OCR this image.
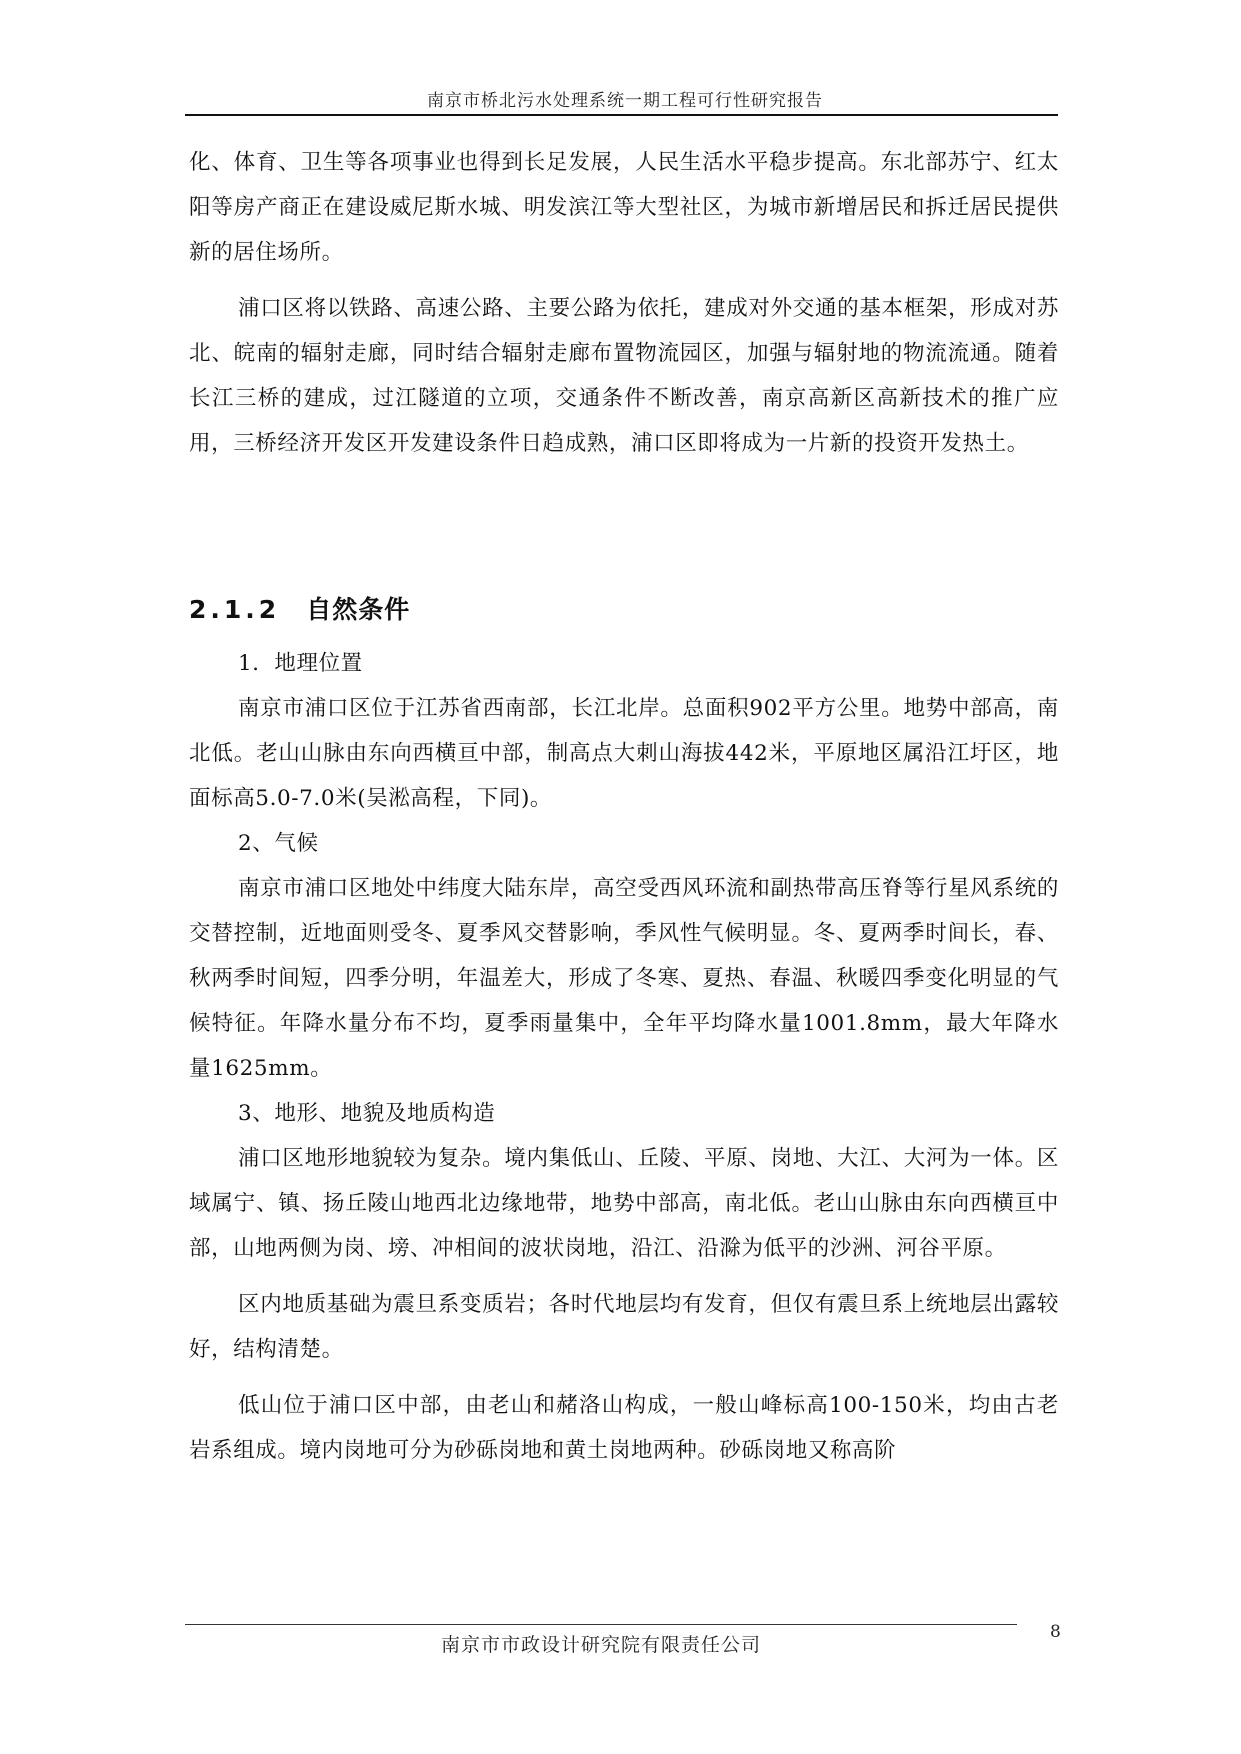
南京市桥北污水处理系统一期工程可行性研究报告

化、体育、卫生等各项事业也得到长足发展，人民生活水平稳步提高。东北部苏宁、红太阳等房产商正在建设威尼斯水城、明发滨江等大型社区，为城市新增居民和拆迁居民提供新的居住场所。

浦口区将以铁路、高速公路、主要公路为依托，建成对外交通的基本框架，形成对苏北、皖南的辐射走廊，同时结合辐射走廊布置物流园区，加强与辐射地的物流流通。随着长江三桥的建成，过江隧道的立项，交通条件不断改善，南京高新区高新技术的推广应用，三桥经济开发区开发建设条件日趋成熟，浦口区即将成为一片新的投资开发热土。

2.1.2 自然条件

1．地理位置

南京市浦口区位于江苏省西南部，长江北岸。总面积902平方公里。地势中部高，南北低。老山山脉由东向西横亘中部，制高点大刺山海拔442米，平原地区属沿江圩区，地面标高5.0-7.0米(吴淞高程，下同)。

2、气候

南京市浦口区地处中纬度大陆东岸，高空受西风环流和副热带高压脊等行星风系统的交替控制，近地面则受冬、夏季风交替影响，季风性气候明显。冬、夏两季时间长，春、秋两季时间短，四季分明，年温差大，形成了冬寒、夏热、春温、秋暖四季变化明显的气候特征。年降水量分布不均，夏季雨量集中，全年平均降水量1001.8mm，最大年降水量1625mm。

3、地形、地貌及地质构造

浦口区地形地貌较为复杂。境内集低山、丘陵、平原、岗地、大江、大河为一体。区域属宁、镇、扬丘陵山地西北边缘地带，地势中部高，南北低。老山山脉由东向西横亘中部，山地两侧为岗、塝、冲相间的波状岗地，沿江、沿滁为低平的沙洲、河谷平原。

区内地质基础为震旦系变质岩；各时代地层均有发育，但仅有震旦系上统地层出露较好，结构清楚。

低山位于浦口区中部，由老山和赭洛山构成，一般山峰标高100-150米，均由古老岩系组成。境内岗地可分为砂砾岗地和黄土岗地两种。砂砾岗地又称高阶

南京市市政设计研究院有限责任公司
8
